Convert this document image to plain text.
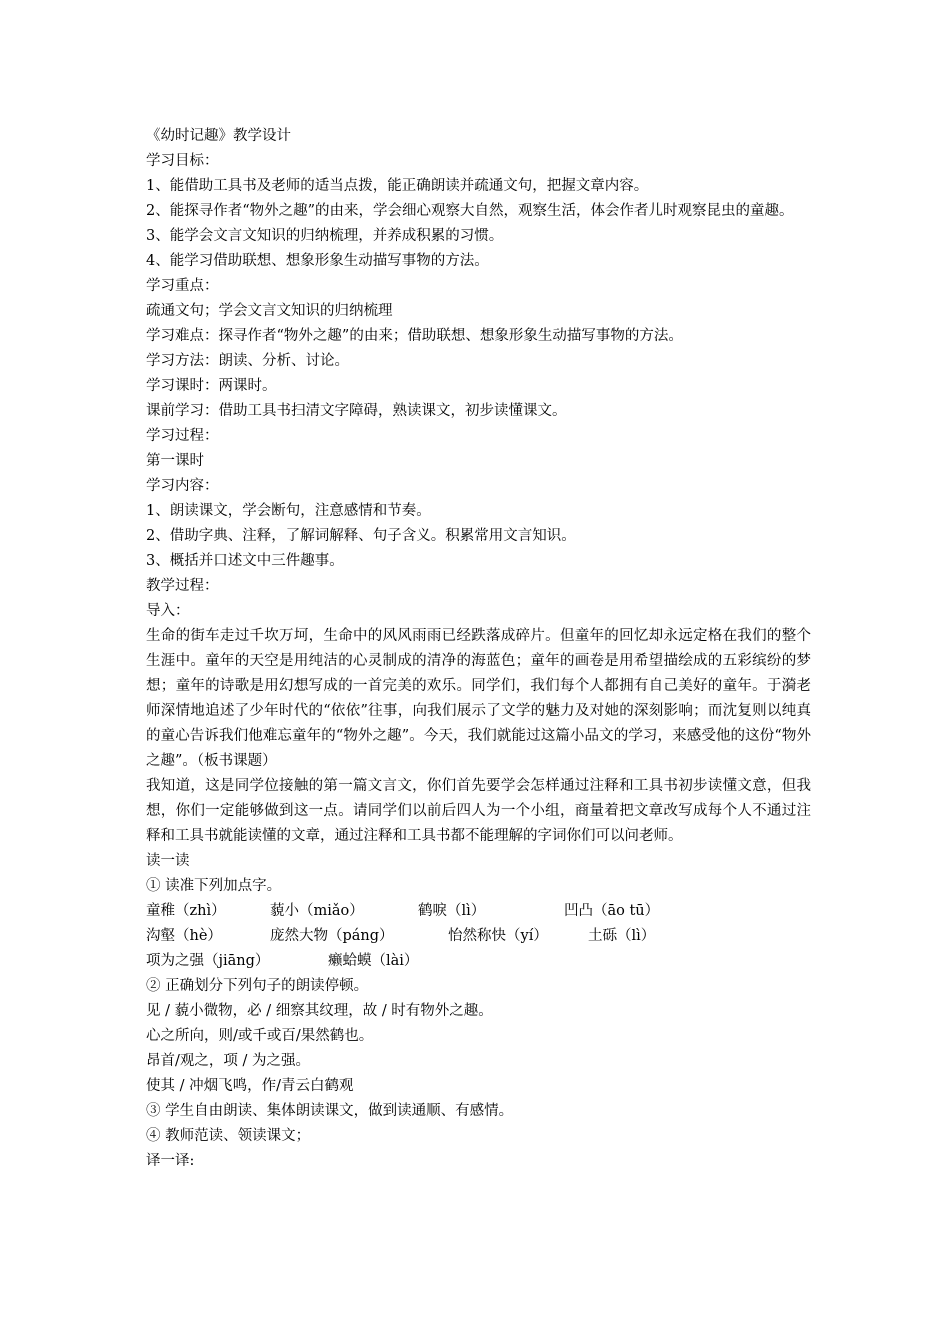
《幼时记趣》教学设计
学习目标：
1、能借助工具书及老师的适当点拨，能正确朗读并疏通文句，把握文章内容。
2、能探寻作者“物外之趣”的由来，学会细心观察大自然，观察生活，体会作者儿时观察昆虫的童趣。
3、能学会文言文知识的归纳梳理，并养成积累的习惯。
4、能学习借助联想、想象形象生动描写事物的方法。
学习重点：
疏通文句；学会文言文知识的归纳梳理
学习难点：探寻作者“物外之趣”的由来；借助联想、想象形象生动描写事物的方法。
学习方法：朗读、分析、讨论。
学习课时：两课时。
课前学习：借助工具书扫清文字障碍，熟读课文，初步读懂课文。
学习过程：
第一课时
学习内容：
1、朗读课文，学会断句，注意感情和节奏。
2、借助字典、注释，了解词解释、句子含义。积累常用文言知识。
3、概括并口述文中三件趣事。
教学过程：
导入：
生命的街车走过千坎万坷，生命中的风风雨雨已经跌落成碎片。但童年的回忆却永远定格在我们的整个生涯中。童年的天空是用纯洁的心灵制成的清净的海蓝色；童年的画卷是用希望描绘成的五彩缤纷的梦想；童年的诗歌是用幻想写成的一首完美的欢乐。同学们，我们每个人都拥有自己美好的童年。于漪老师深情地追述了少年时代的“依依”往事，向我们展示了文学的魅力及对她的深刻影响；而沈复则以纯真的童心告诉我们他难忘童年的“物外之趣”。今天，我们就能过这篇小品文的学习，来感受他的这份“物外之趣”。（板书课题）
我知道，这是同学位接触的第一篇文言文，你们首先要学会怎样通过注释和工具书初步读懂文意，但我想，你们一定能够做到这一点。请同学们以前后四人为一个小组，商量着把文章改写成每个人不通过注释和工具书就能读懂的文章，通过注释和工具书都不能理解的字词你们可以问老师。
读一读
① 读准下列加点字。
童稚（zhì）	藐小（miǎo）	鹤唳（lì）	凹凸（āo tū）
沟壑（hè）	庞然大物（páng）	怡然称快（yí）	土砾（lì）
项为之强（jiāng）	癞蛤蟆（lài）
② 正确划分下列句子的朗读停顿。
见 / 藐小微物，必 / 细察其纹理，故 / 时有物外之趣。
心之所向，则/或千或百/果然鹤也。
昂首/观之，项 / 为之强。
使其 / 冲烟飞鸣，作/青云白鹤观
③ 学生自由朗读、集体朗读课文，做到读通顺、有感情。
④ 教师范读、领读课文；
译一译:
